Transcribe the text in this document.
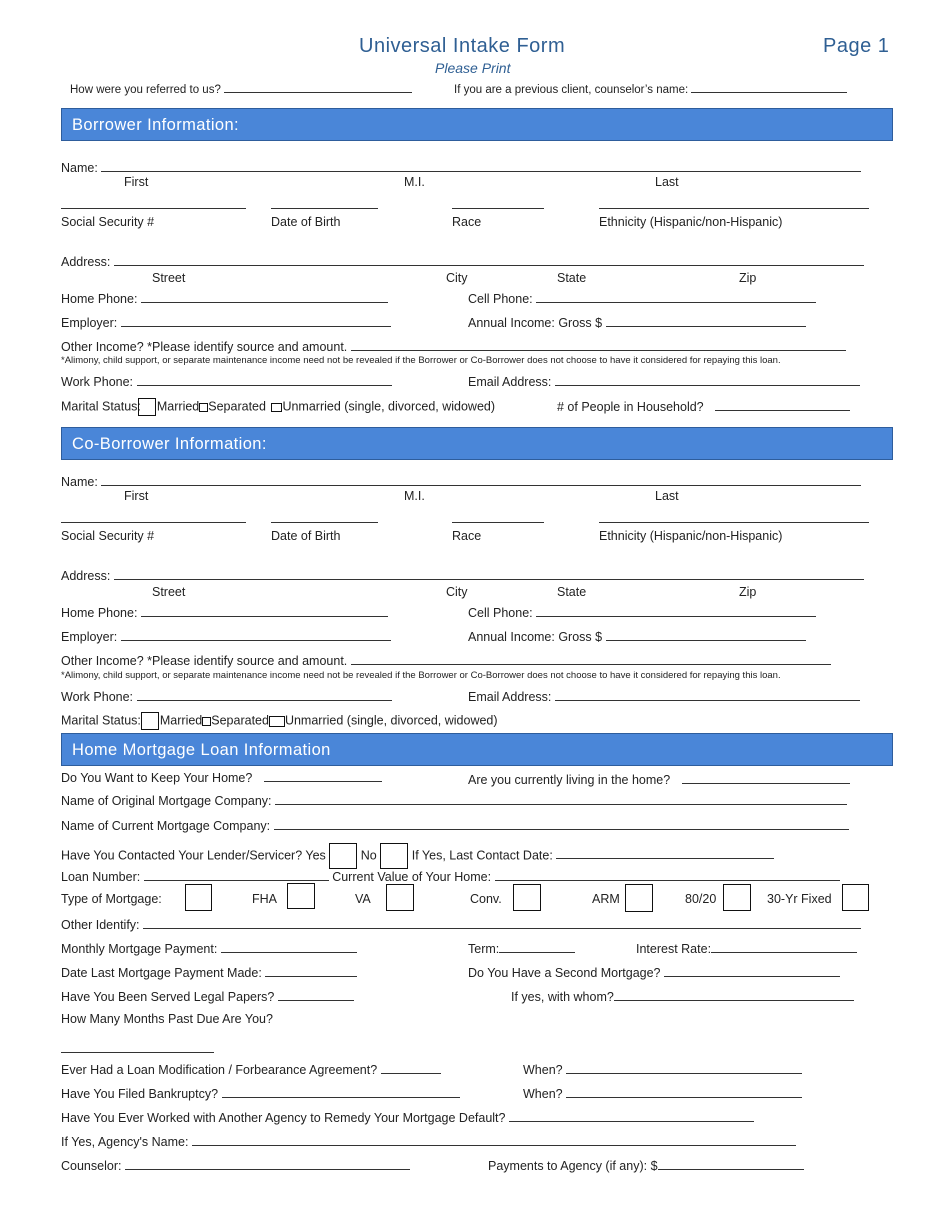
Universal Intake Form
Please Print
Page 1
How were you referred to us?	If you are a previous client, counselor’s name:
Borrower Information:
Name:
First	M.I.	Last
Social Security #	Date of Birth	Race	Ethnicity (Hispanic/non-Hispanic)
Address:
Street	City	State	Zip
Home Phone:	Cell Phone:
Employer:	Annual Income: Gross $
Other Income? *Please identify source and amount.
*Alimony, child support, or separate maintenance income need not be revealed if the Borrower or Co-Borrower does not choose to have it considered for repaying this loan.
Work Phone:	Email Address:
Marital Status: Married Separated Unmarried (single, divorced, widowed)	# of People in Household?
Co-Borrower Information:
Name:
First	M.I.	Last
Social Security #	Date of Birth	Race	Ethnicity (Hispanic/non-Hispanic)
Address:
Street	City	State	Zip
Home Phone:	Cell Phone:
Employer:	Annual Income: Gross $
Other Income? *Please identify source and amount.
*Alimony, child support, or separate maintenance income need not be revealed if the Borrower or Co-Borrower does not choose to have it considered for repaying this loan.
Work Phone:	Email Address:
Marital Status: Married Separated Unmarried (single, divorced, widowed)
Home Mortgage Loan Information
Do You Want to Keep Your Home?	Are you currently living in the home?
Name of Original Mortgage Company:
Name of Current Mortgage Company:
Have You Contacted Your Lender/Servicer? Yes	No	If Yes, Last Contact Date:
Loan Number:	Current Value of Your Home:
Type of Mortgage:	FHA	VA	Conv.	ARM	80/20	30-Yr Fixed
Other Identify:
Monthly Mortgage Payment:	Term:	Interest Rate:
Date Last Mortgage Payment Made:	Do You Have a Second Mortgage?
Have You Been Served Legal Papers?	If yes, with whom?
How Many Months Past Due Are You?
Ever Had a Loan Modification / Forbearance Agreement?	When?
Have You Filed Bankruptcy?	When?
Have You Ever Worked with Another Agency to Remedy Your Mortgage Default?
If Yes, Agency's Name:
Counselor:	Payments to Agency (if any): $
